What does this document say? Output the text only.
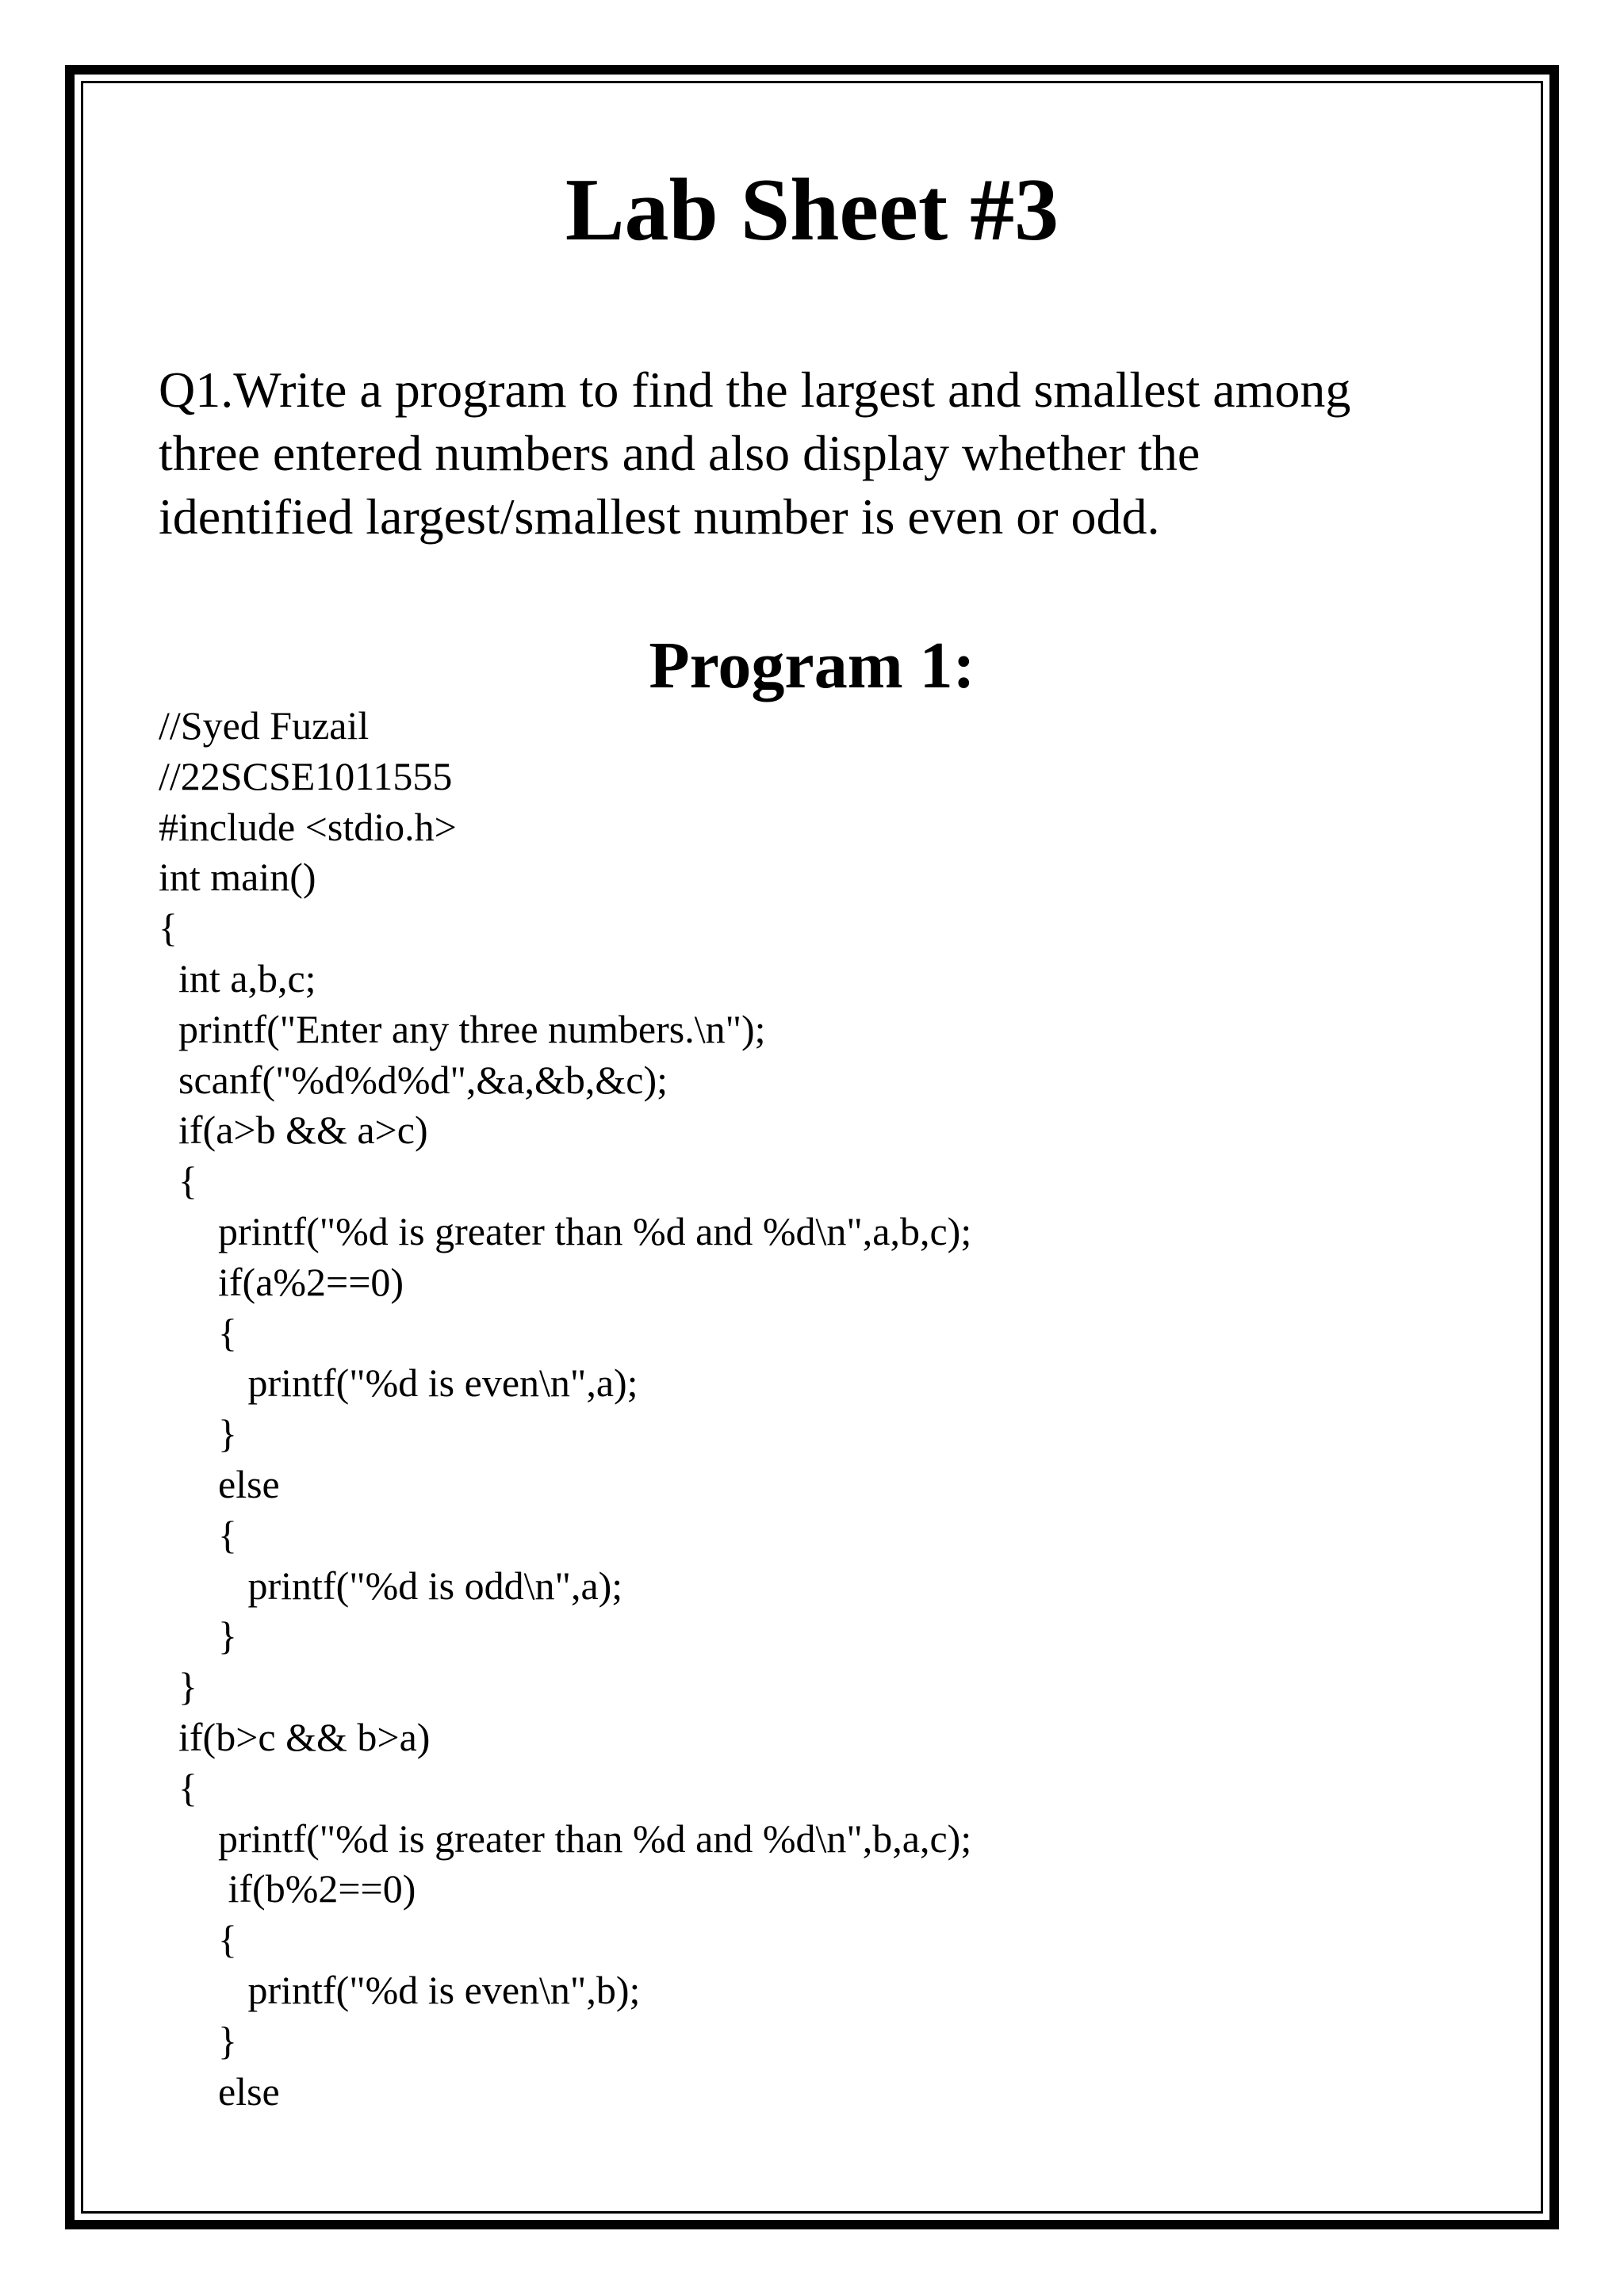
Lab Sheet #3
Q1.Write a program to find the largest and smallest among
three entered numbers and also display whether the
identified largest/smallest number is even or odd.
Program 1:
//Syed Fuzail
//22SCSE1011555
#include <stdio.h>
int main()
{
int a,b,c;
printf("Enter any three numbers.\n");
scanf("%d%d%d",&a,&b,&c);
if(a>b && a>c)
{
printf("%d is greater than %d and %d\n",a,b,c);
if(a%2==0)
{
printf("%d is even\n",a);
}
else
{
printf("%d is odd\n",a);
}
}
if(b>c && b>a)
{
printf("%d is greater than %d and %d\n",b,a,c);
if(b%2==0)
{
printf("%d is even\n",b);
}
else
